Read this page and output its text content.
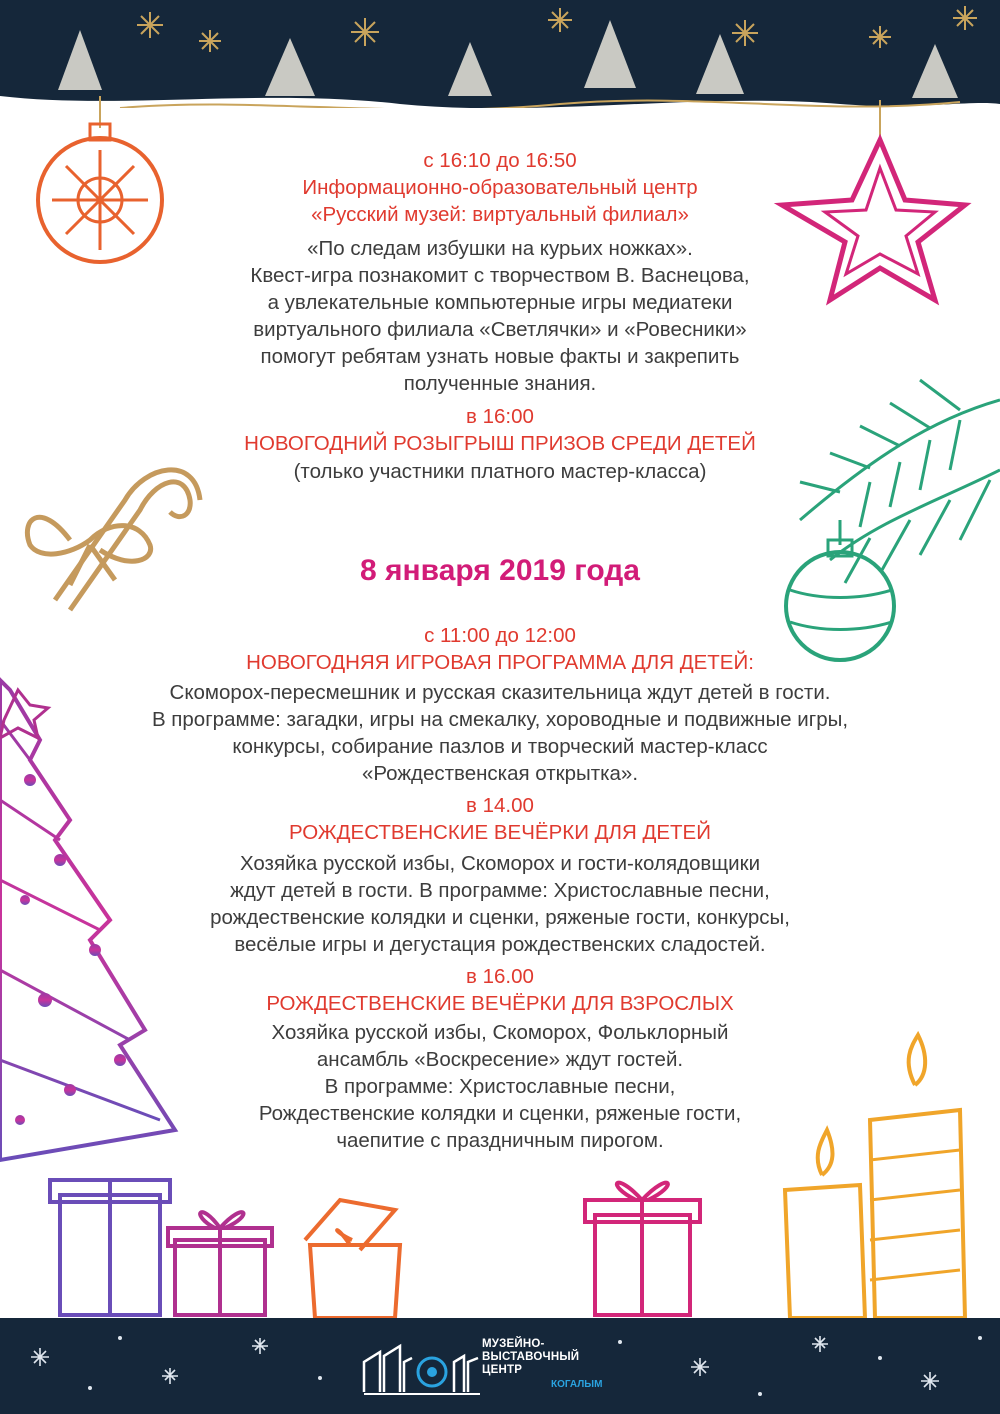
с 16:10 до 16:50
Информационно-образовательный центр
«Русский музей: виртуальный филиал»
«По следам избушки на курьих ножках».
Квест-игра познакомит с творчеством В. Васнецова,
а увлекательные компьютерные игры медиатеки
виртуального филиала «Светлячки» и «Ровесники»
помогут ребятам узнать новые факты и закрепить
полученные знания.
в 16:00
НОВОГОДНИЙ РОЗЫГРЫШ ПРИЗОВ СРЕДИ ДЕТЕЙ
(только участники платного мастер-класса)
8 января 2019 года
с 11:00 до 12:00
НОВОГОДНЯЯ ИГРОВАЯ ПРОГРАММА ДЛЯ ДЕТЕЙ:
Скоморох-пересмешник и русская сказительница ждут детей в гости.
В программе: загадки, игры на смекалку, хороводные и подвижные игры,
конкурсы, собирание пазлов и творческий мастер-класс
«Рождественская открытка».
в 14.00
РОЖДЕСТВЕНСКИЕ ВЕЧЁРКИ ДЛЯ ДЕТЕЙ
Хозяйка русской избы, Скоморох и гости-колядовщики
ждут детей в гости. В программе: Христославные песни,
рождественские колядки и сценки, ряженые гости, конкурсы,
весёлые игры и дегустация рождественских сладостей.
в 16.00
РОЖДЕСТВЕНСКИЕ ВЕЧЁРКИ ДЛЯ ВЗРОСЛЫХ
Хозяйка русской избы, Скоморох, Фольклорный
ансамбль «Воскресение» ждут гостей.
В программе: Христославные песни,
Рождественские колядки и сценки, ряженые гости,
чаепитие с праздничным пирогом.
МУЗЕЙНО-
ВЫСТАВОЧНЫЙ
ЦЕНТР
КОГАЛЫМ
